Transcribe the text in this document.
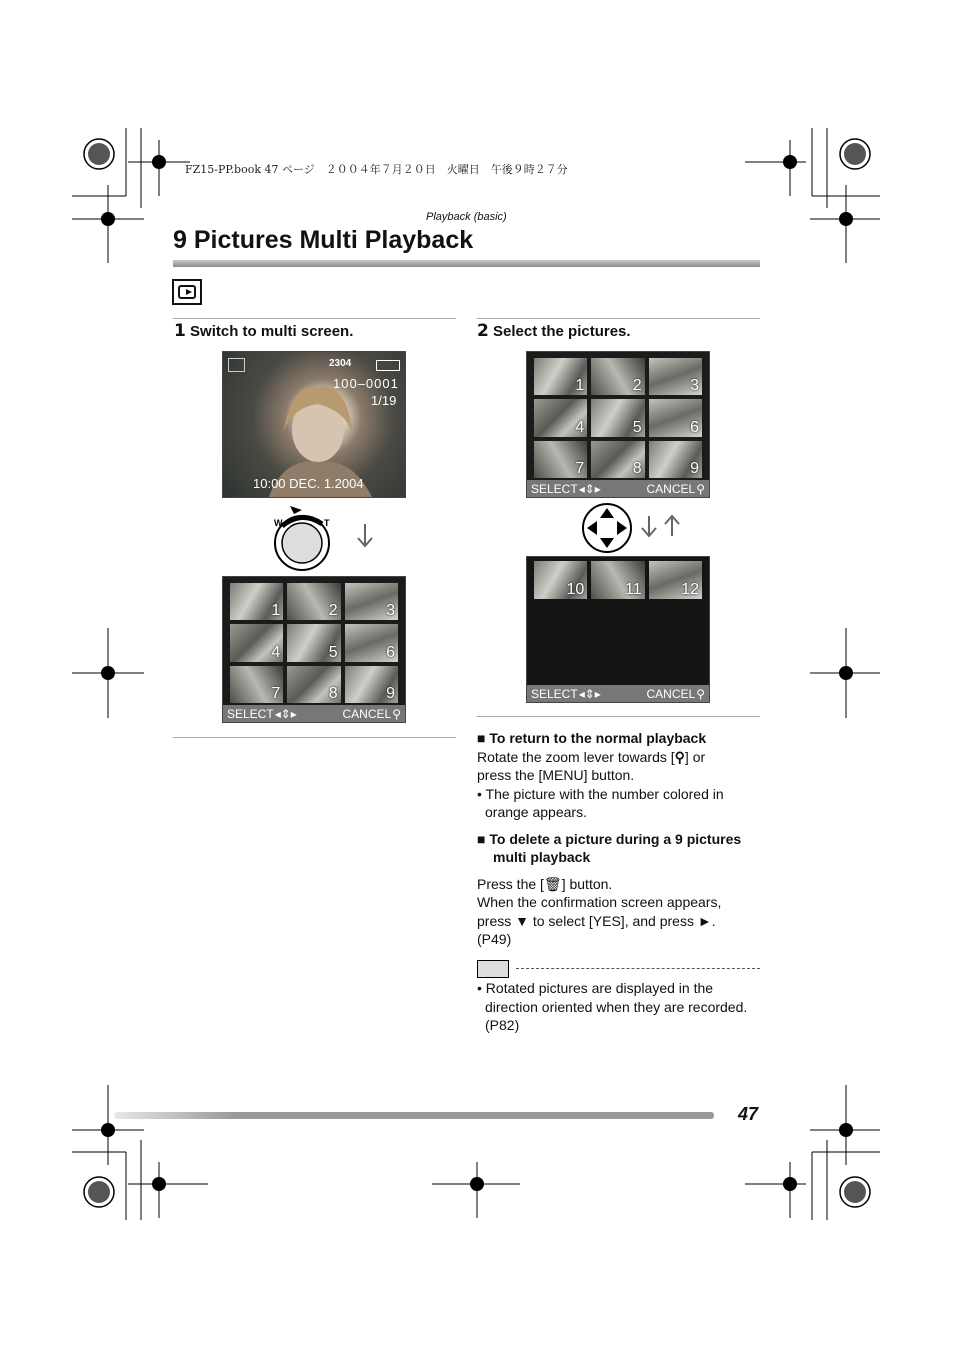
FZ15-PP.book 47 ページ　２００４年７月２０日　火曜日　午後９時２７分
Playback (basic)
9 Pictures Multi Playback
1 Switch to multi screen.
2304
100–0001
1/19
10:00 DEC. 1.2004
W	T
1	2	3
4	5	6
7	8	9
SELECT ◂⇕▸	CANCEL ⚲
2 Select the pictures.
1	2	3
4	5	6
7	8	9
SELECT ◂⇕▸	CANCEL ⚲
10	11 12
SELECT ◂⇕▸	CANCEL ⚲
■ To return to the normal playback
Rotate the zoom lever towards [⚲] or
press the [MENU] button.
• The picture with the number colored in
orange appears.
■ To delete a picture during a 9 pictures
multi playback
Press the [🗑] button.
When the confirmation screen appears,
press ▼ to select [YES], and press ►.
(P49)
• Rotated pictures are displayed in the
direction oriented when they are recorded.
(P82)
47
